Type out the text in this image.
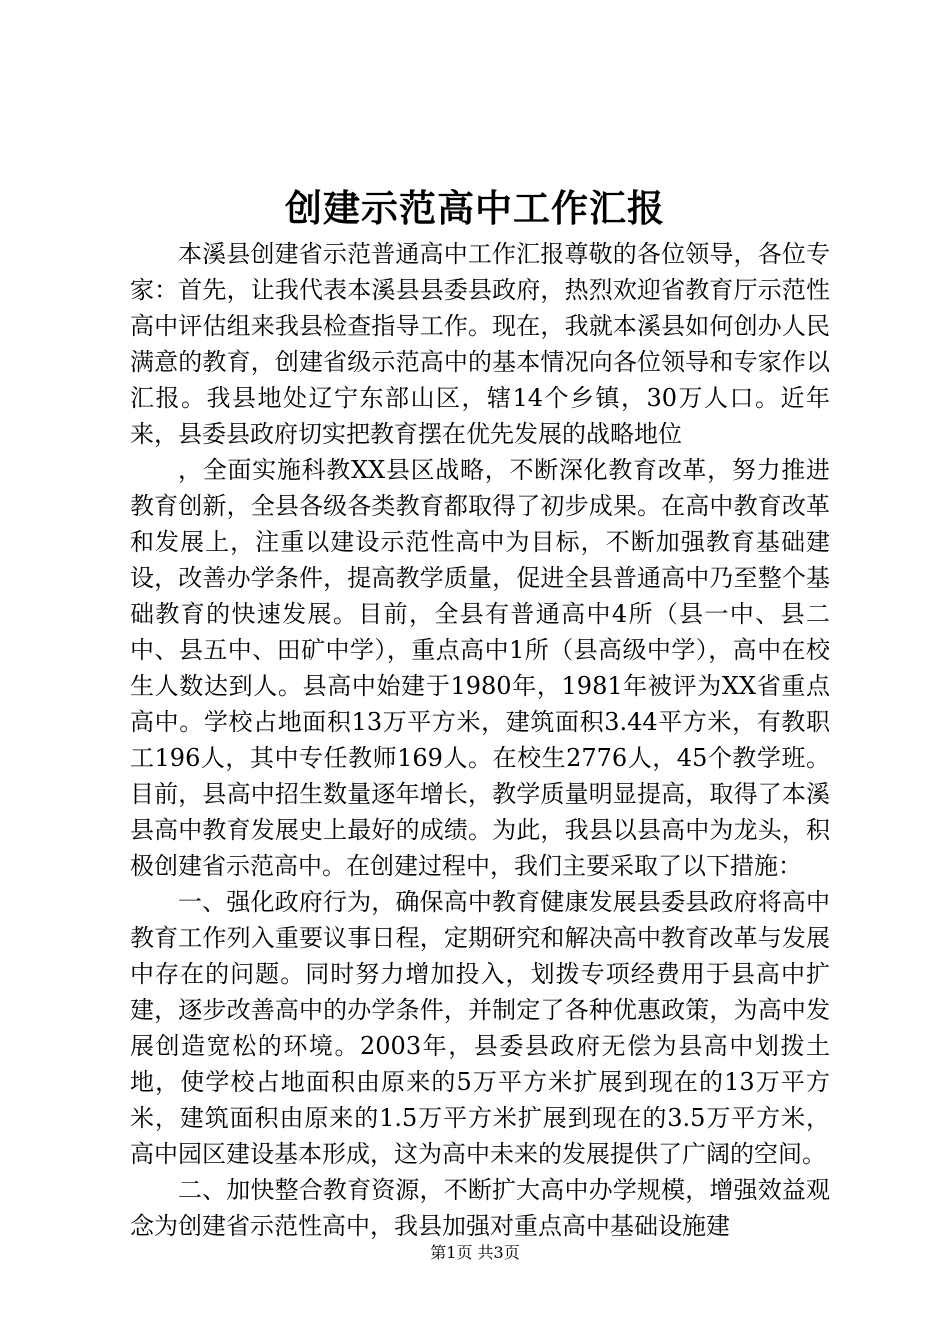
创建示范高中工作汇报

本溪县创建省示范普通高中工作汇报尊敬的各位领导，各位专家：首先，让我代表本溪县县委县政府，热烈欢迎省教育厅示范性高中评估组来我县检查指导工作。现在，我就本溪县如何创办人民满意的教育，创建省级示范高中的基本情况向各位领导和专家作以汇报。我县地处辽宁东部山区，辖14个乡镇，30万人口。近年来，县委县政府切实把教育摆在优先发展的战略地位

，全面实施科教XX县区战略，不断深化教育改革，努力推进教育创新，全县各级各类教育都取得了初步成果。在高中教育改革和发展上，注重以建设示范性高中为目标，不断加强教育基础建设，改善办学条件，提高教学质量，促进全县普通高中乃至整个基础教育的快速发展。目前，全县有普通高中4所（县一中、县二中、县五中、田矿中学），重点高中1所（县高级中学），高中在校生人数达到人。县高中始建于1980年，1981年被评为XX省重点高中。学校占地面积13万平方米，建筑面积3.44平方米，有教职工196人，其中专任教师169人。在校生2776人，45个教学班。目前，县高中招生数量逐年增长，教学质量明显提高，取得了本溪县高中教育发展史上最好的成绩。为此，我县以县高中为龙头，积极创建省示范高中。在创建过程中，我们主要采取了以下措施：

一、强化政府行为，确保高中教育健康发展县委县政府将高中教育工作列入重要议事日程，定期研究和解决高中教育改革与发展中存在的问题。同时努力增加投入，划拨专项经费用于县高中扩建，逐步改善高中的办学条件，并制定了各种优惠政策，为高中发展创造宽松的环境。2003年，县委县政府无偿为县高中划拨土地，使学校占地面积由原来的5万平方米扩展到现在的13万平方米，建筑面积由原来的1.5万平方米扩展到现在的3.5万平方米，高中园区建设基本形成，这为高中未来的发展提供了广阔的空间。

二、加快整合教育资源，不断扩大高中办学规模，增强效益观念为创建省示范性高中，我县加强对重点高中基础设施建

第1页 共3页
